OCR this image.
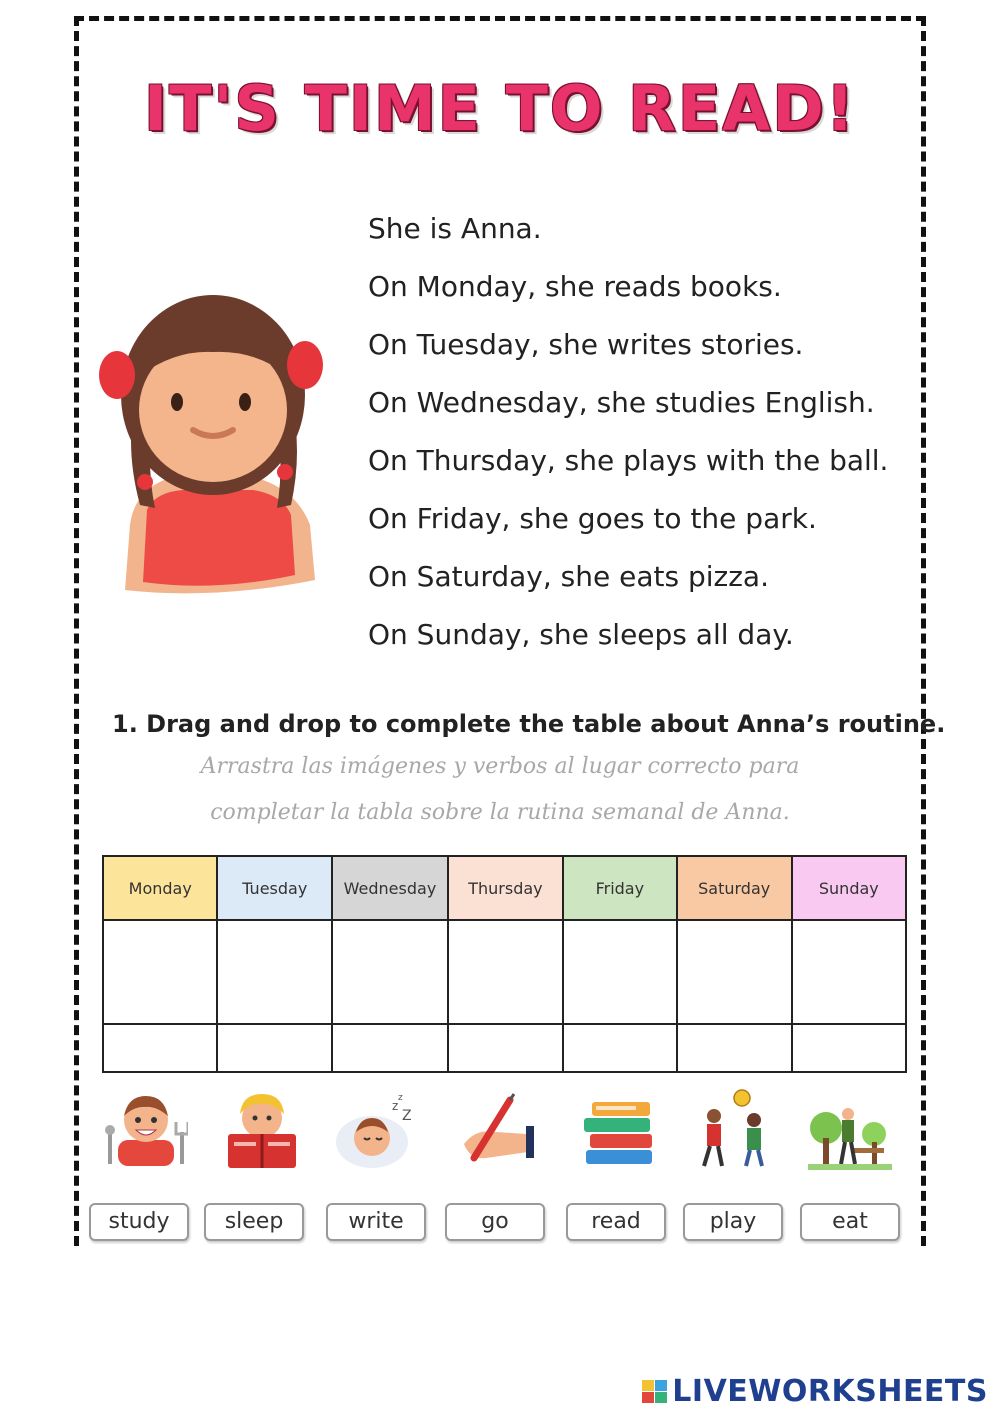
IT'S TIME TO READ!

She is Anna.

On Monday, she reads books.

On Tuesday, she writes stories.

On Wednesday, she studies English.

On Thursday, she plays with the ball.

On Friday, she goes to the park.

On Saturday, she eats pizza.

On Sunday, she sleeps all day.

1. Drag and drop to complete the table about Anna’s routine.
Arrastra las imágenes y verbos al lugar correcto para
completar la tabla sobre la rutina semanal de Anna.
Monday	Tuesday	Wednesday	Thursday	Friday	Saturday	Sunday

z
z
Z
study	sleep	write	go	read	play	eat
LIVEWORKSHEETS
